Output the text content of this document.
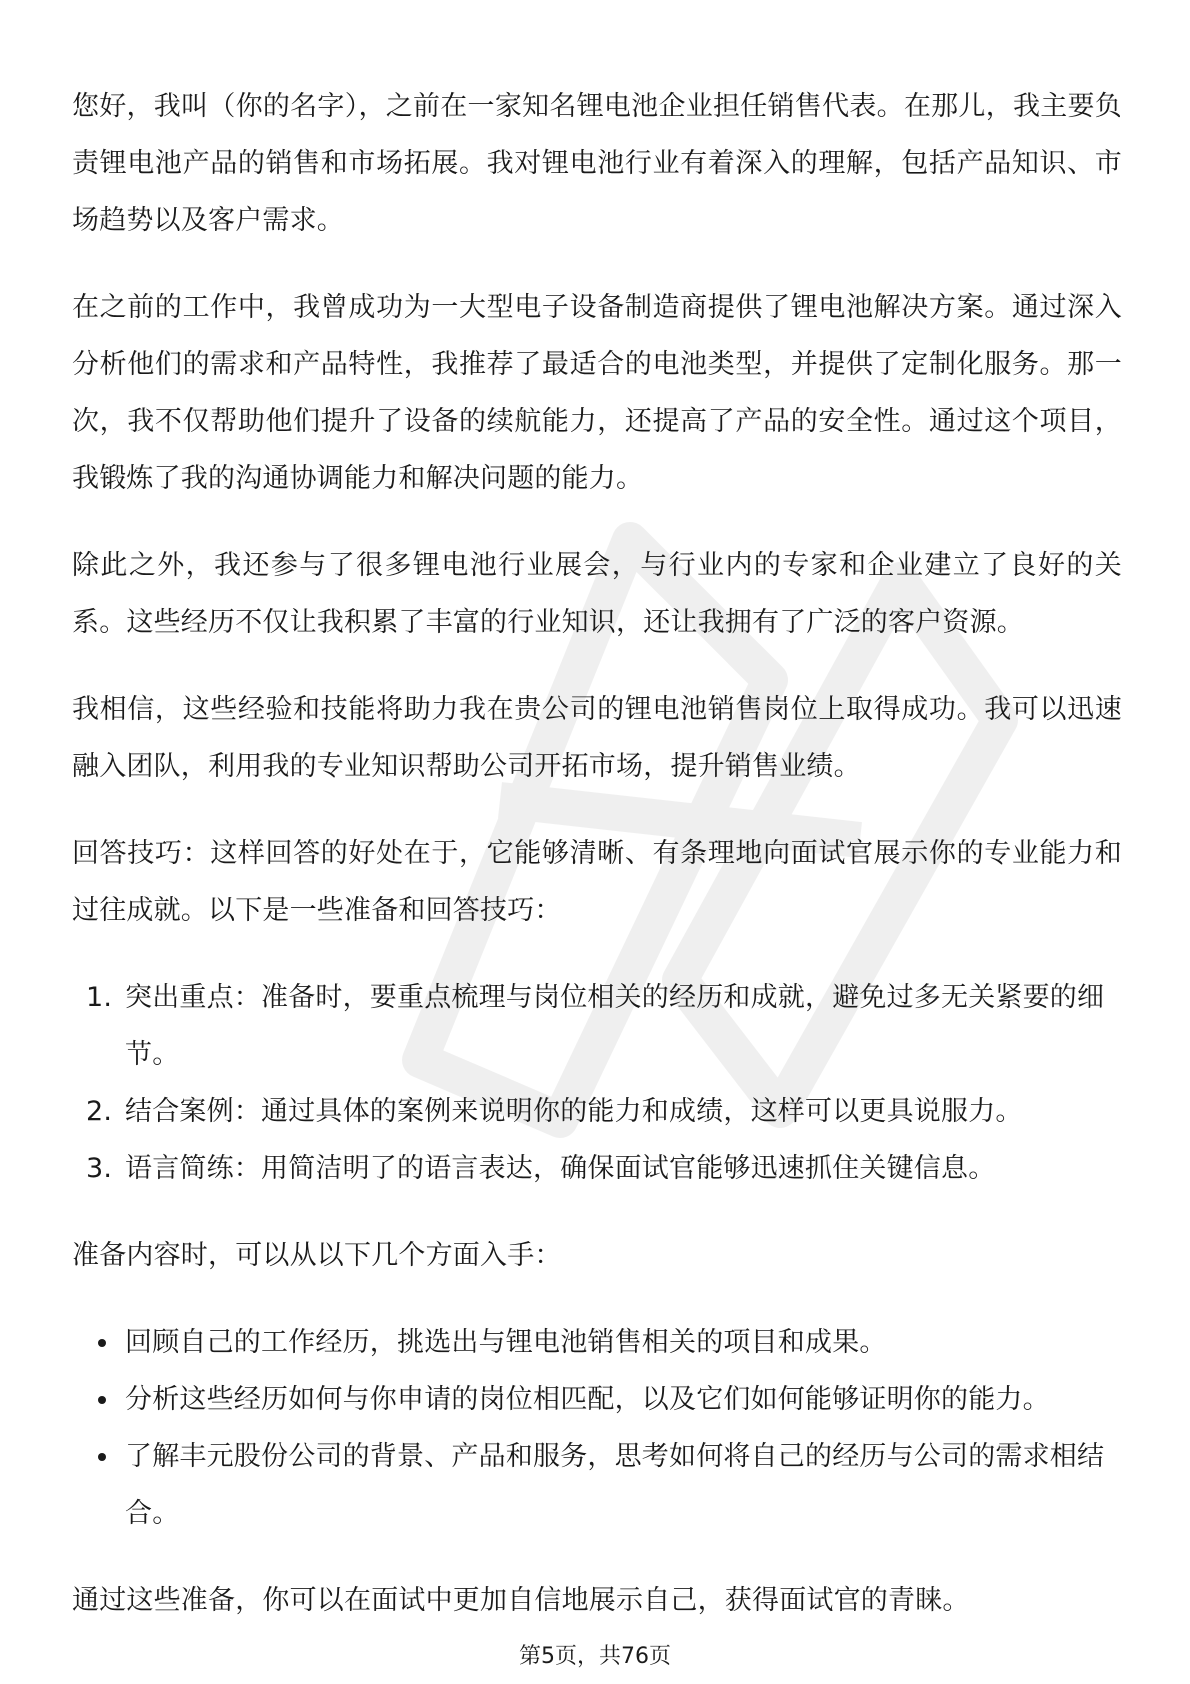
您好，我叫（你的名字），之前在一家知名锂电池企业担任销售代表。在那儿，我主要负责锂电池产品的销售和市场拓展。我对锂电池行业有着深入的理解，包括产品知识、市场趋势以及客户需求。

在之前的工作中，我曾成功为一大型电子设备制造商提供了锂电池解决方案。通过深入分析他们的需求和产品特性，我推荐了最适合的电池类型，并提供了定制化服务。那一次，我不仅帮助他们提升了设备的续航能力，还提高了产品的安全性。通过这个项目，我锻炼了我的沟通协调能力和解决问题的能力。

除此之外，我还参与了很多锂电池行业展会，与行业内的专家和企业建立了良好的关系。这些经历不仅让我积累了丰富的行业知识，还让我拥有了广泛的客户资源。

我相信，这些经验和技能将助力我在贵公司的锂电池销售岗位上取得成功。我可以迅速融入团队，利用我的专业知识帮助公司开拓市场，提升销售业绩。

回答技巧：这样回答的好处在于，它能够清晰、有条理地向面试官展示你的专业能力和过往成就。以下是一些准备和回答技巧：

1. 突出重点：准备时，要重点梳理与岗位相关的经历和成就，避免过多无关紧要的细节。
2. 结合案例：通过具体的案例来说明你的能力和成绩，这样可以更具说服力。
3. 语言简练：用简洁明了的语言表达，确保面试官能够迅速抓住关键信息。

准备内容时，可以从以下几个方面入手：

回顾自己的工作经历，挑选出与锂电池销售相关的项目和成果。
分析这些经历如何与你申请的岗位相匹配，以及它们如何能够证明你的能力。
了解丰元股份公司的背景、产品和服务，思考如何将自己的经历与公司的需求相结合。

通过这些准备，你可以在面试中更加自信地展示自己，获得面试官的青睐。

第5页，共76页
